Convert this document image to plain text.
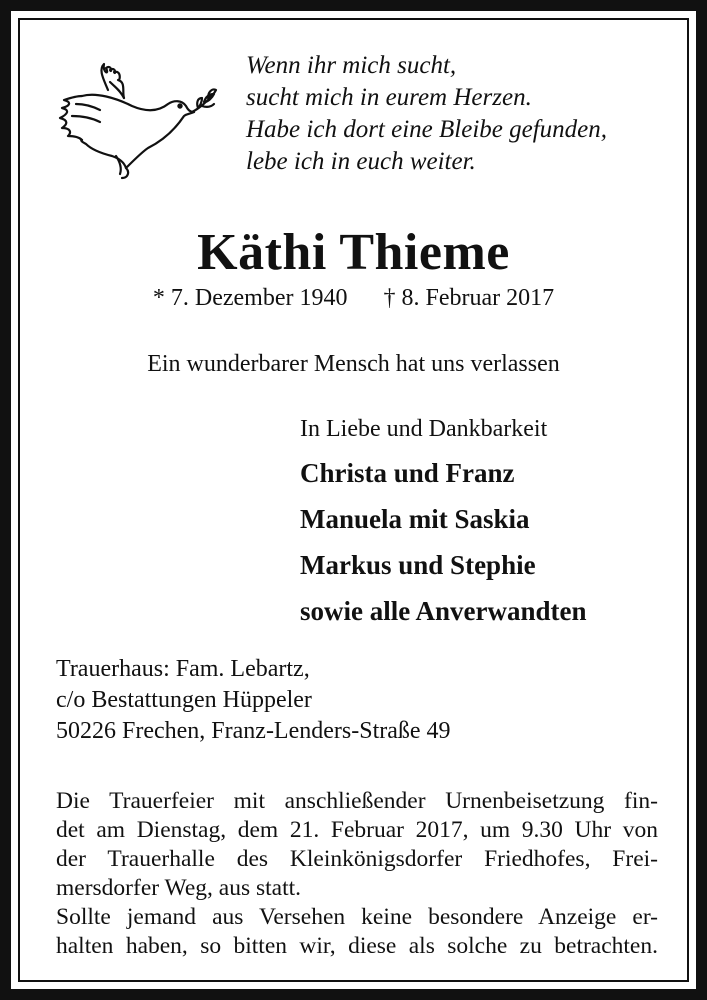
Wenn ihr mich sucht,
sucht mich in eurem Herzen.
Habe ich dort eine Bleibe gefunden,
lebe ich in euch weiter.
Käthi Thieme
* 7. Dezember 1940 † 8. Februar 2017
Ein wunderbarer Mensch hat uns verlassen
In Liebe und Dankbarkeit
Christa und Franz
Manuela mit Saskia
Markus und Stephie
sowie alle Anverwandten
Trauerhaus: Fam. Lebartz,
c/o Bestattungen Hüppeler
50226 Frechen, Franz-Lenders-Straße 49
Die Trauerfeier mit anschließender Urnenbeisetzung fin-
det am Dienstag, dem 21. Februar 2017, um 9.30 Uhr von
der Trauerhalle des Kleinkönigsdorfer Friedhofes, Frei-
mersdorfer Weg, aus statt.
Sollte jemand aus Versehen keine besondere Anzeige er-
halten haben, so bitten wir, diese als solche zu betrachten.
